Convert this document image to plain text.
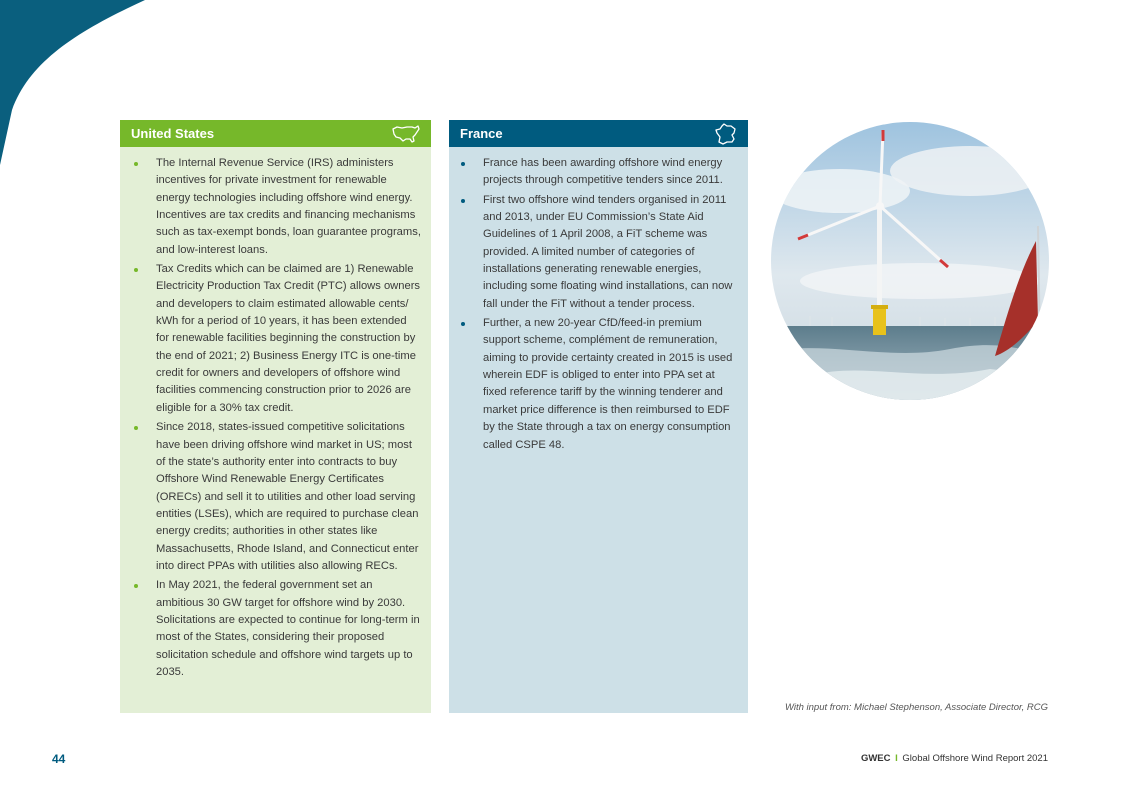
United States
The Internal Revenue Service (IRS) administers incentives for private investment for renewable energy technologies including offshore wind energy. Incentives are tax credits and financing mechanisms such as tax-exempt bonds, loan guarantee programs, and low-interest loans.
Tax Credits which can be claimed are 1) Renewable Electricity Production Tax Credit (PTC) allows owners and developers to claim estimated allowable cents/ kWh for a period of 10 years, it has been extended for renewable facilities beginning the construction by the end of 2021; 2) Business Energy ITC is one-time credit for owners and developers of offshore wind facilities commencing construction prior to 2026 are eligible for a 30% tax credit.
Since 2018, states-issued competitive solicitations have been driving offshore wind market in US; most of the state’s authority enter into contracts to buy Offshore Wind Renewable Energy Certificates (ORECs) and sell it to utilities and other load serving entities (LSEs), which are required to purchase clean energy credits; authorities in other states like Massachusetts, Rhode Island, and Connecticut enter into direct PPAs with utilities also allowing RECs.
In May 2021, the federal government set an ambitious 30 GW target for offshore wind by 2030. Solicitations are expected to continue for long-term in most of the States, considering their proposed solicitation schedule and offshore wind targets up to 2035.
France
France has been awarding offshore wind energy projects through competitive tenders since 2011.
First two offshore wind tenders organised in 2011 and 2013, under EU Commission’s State Aid Guidelines of 1 April 2008, a FiT scheme was provided. A limited number of categories of installations generating renewable energies, including some floating wind installations, can now fall under the FiT without a tender process.
Further, a new 20-year CfD/feed-in premium support scheme, complément de remuneration, aiming to provide certainty created in 2015 is used wherein EDF is obliged to enter into PPA set at fixed reference tariff by the winning tenderer and market price difference is then reimbursed to EDF by the State through a tax on energy consumption called CSPE 48.
With input from: Michael Stephenson, Associate Director, RCG
44	GWEC I Global Offshore Wind Report 2021
